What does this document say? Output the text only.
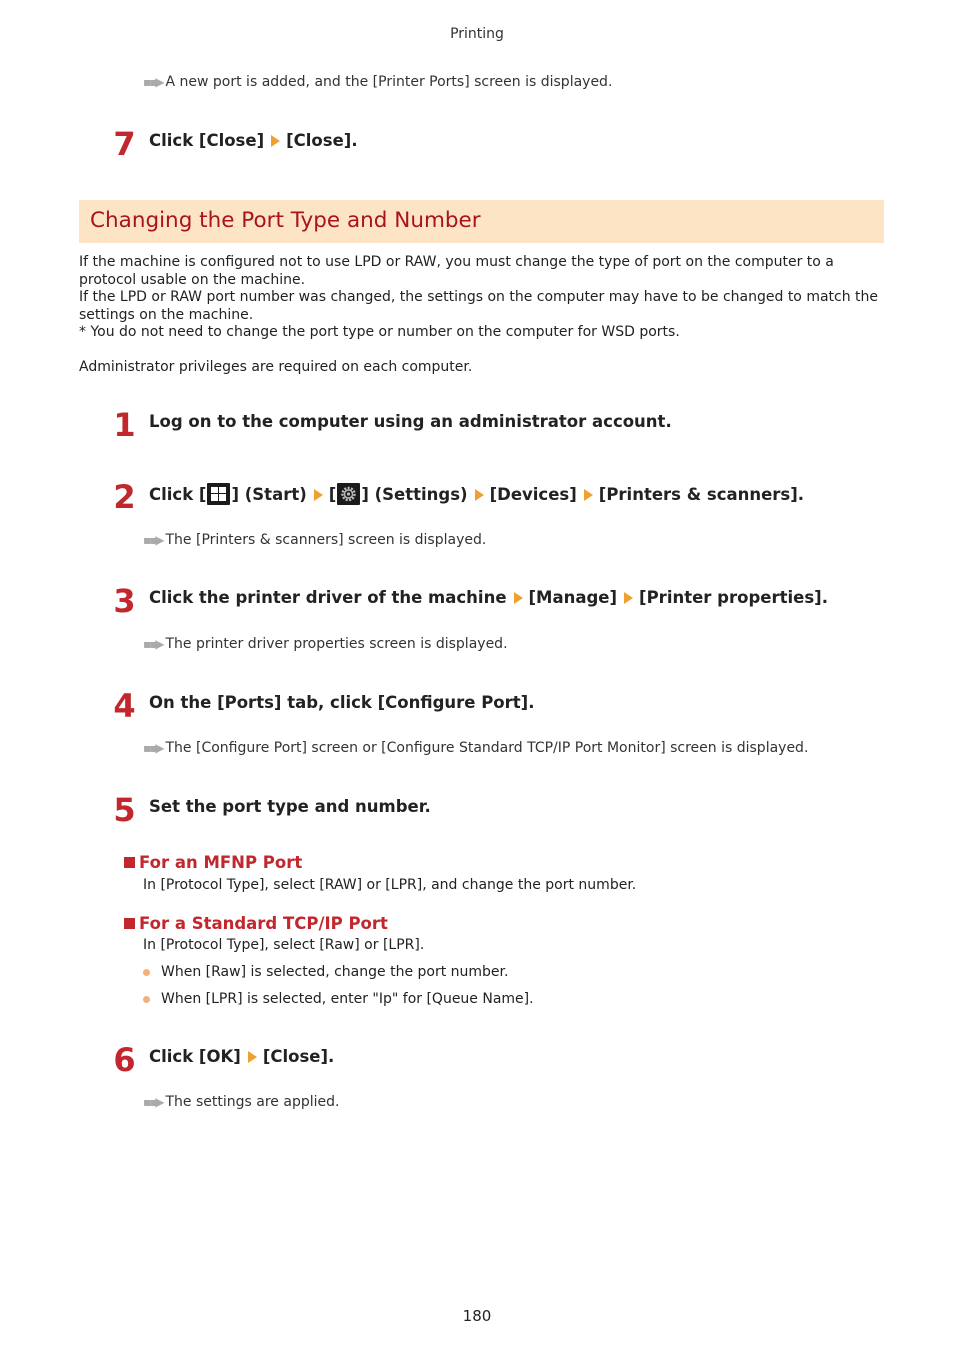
Printing
▪▪▶ A new port is added, and the [Printer Ports] screen is displayed.
7 Click [Close] [Close].
Changing the Port Type and Number

If the machine is configured not to use LPD or RAW, you must change the type of port on the computer to a protocol usable on the machine.

If the LPD or RAW port number was changed, the settings on the computer may have to be changed to match the settings on the machine.

* You do not need to change the port type or number on the computer for WSD ports.

Administrator privileges are required on each computer.

1 Log on to the computer using an administrator account.
2 Click [ ] (Start) [ ] (Settings) [Devices] [Printers & scanners].
▪▪▶ The [Printers & scanners] screen is displayed.
3 Click the printer driver of the machine [Manage] [Printer properties].
▪▪▶ The printer driver properties screen is displayed.
4 On the [Ports] tab, click [Configure Port].
▪▪▶ The [Configure Port] screen or [Configure Standard TCP/IP Port Monitor] screen is displayed.
5 Set the port type and number.
For an MFNP Port
In [Protocol Type], select [RAW] or [LPR], and change the port number.
For a Standard TCP/IP Port
In [Protocol Type], select [Raw] or [LPR].
When [Raw] is selected, change the port number.
When [LPR] is selected, enter "Ip" for [Queue Name].
6 Click [OK] [Close].
▪▪▶ The settings are applied.
180
